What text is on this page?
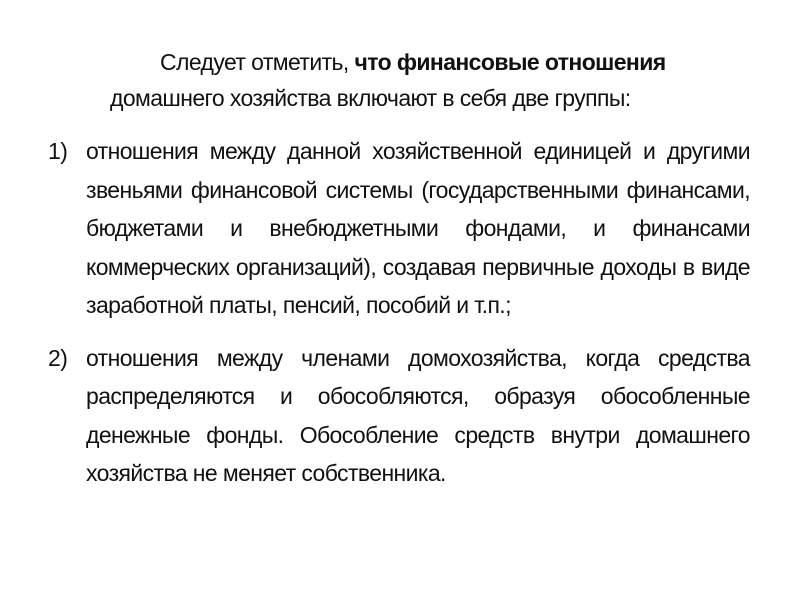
Следует отметить, что финансовые отношения
домашнего хозяйства включают в себя две группы:
1) отношения между данной хозяйственной единицей и другими звеньями финансовой системы (государственными финансами, бюджетами и внебюджетными фондами, и финансами коммерческих организаций), создавая первичные доходы в виде заработной платы, пенсий, пособий и т.п.;
2) отношения между членами домохозяйства, когда средства распределяются и обособляются, образуя обособленные денежные фонды. Обособление средств внутри домашнего хозяйства не меняет собственника.
